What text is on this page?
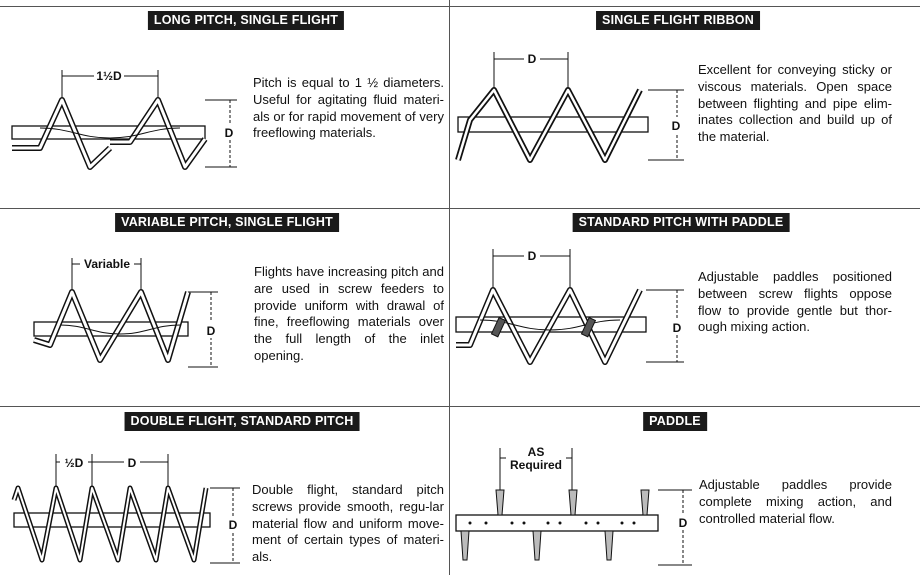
LONG PITCH, SINGLE FLIGHT
1½D
D
Pitch is equal to 1 ½ diameters. Useful for agitating fluid materi-als or for rapid movement of very freeflowing materials.
SINGLE FLIGHT RIBBON
D
D
Excellent for conveying sticky or viscous materials. Open space between flighting and pipe elim-inates collection and build up of the material.
VARIABLE PITCH, SINGLE FLIGHT
Variable
D
Flights have increasing pitch and are used in screw feeders to provide uniform with drawal of fine, freeflowing materials over the full length of the inlet opening.
STANDARD PITCH WITH PADDLE
D
D
Adjustable paddles positioned between screw flights oppose flow to provide gentle but thor-ough mixing action.
DOUBLE FLIGHT, STANDARD PITCH
½D	D
D
Double flight, standard pitch screws provide smooth, regu-lar material flow and uniform move-ment of certain types of materi-als.
PADDLE
AS
Required
D
Adjustable paddles provide complete mixing action, and controlled material flow.
